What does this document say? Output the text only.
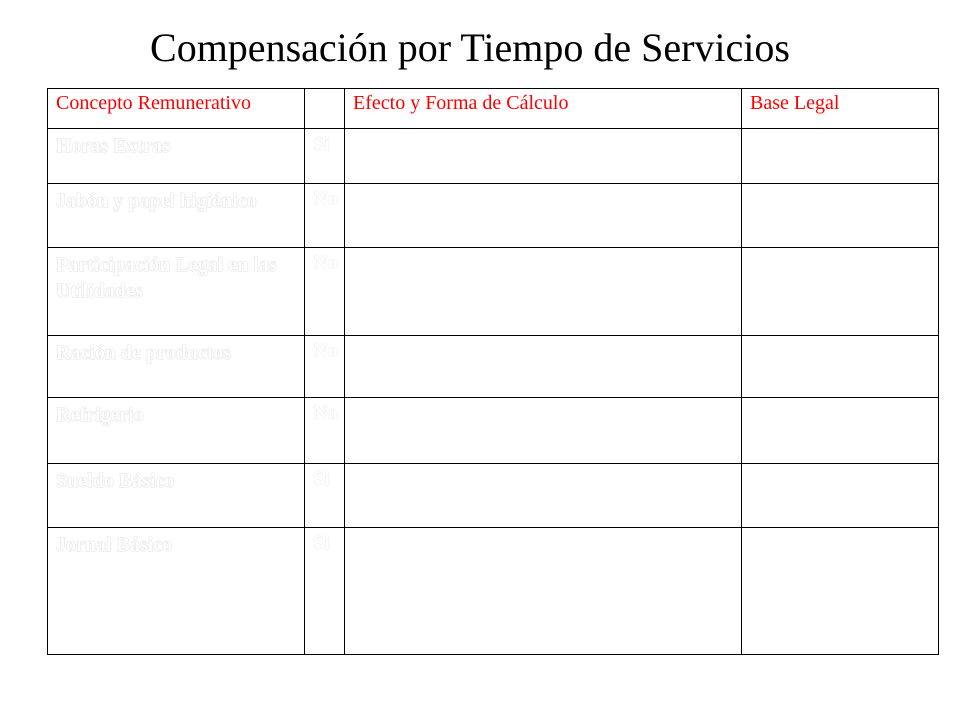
Compensación por Tiempo de Servicios
Concepto Remunerativo		Efecto y Forma de Cálculo	Base Legal
Horas Extras	Si		
Jabón y papel higiénico	No		
Participación Legal en las Utilidades	No		
Ración de productos	No		
Refrigerio	No		
Sueldo Básico	Si		
Jornal Básico	Si		
